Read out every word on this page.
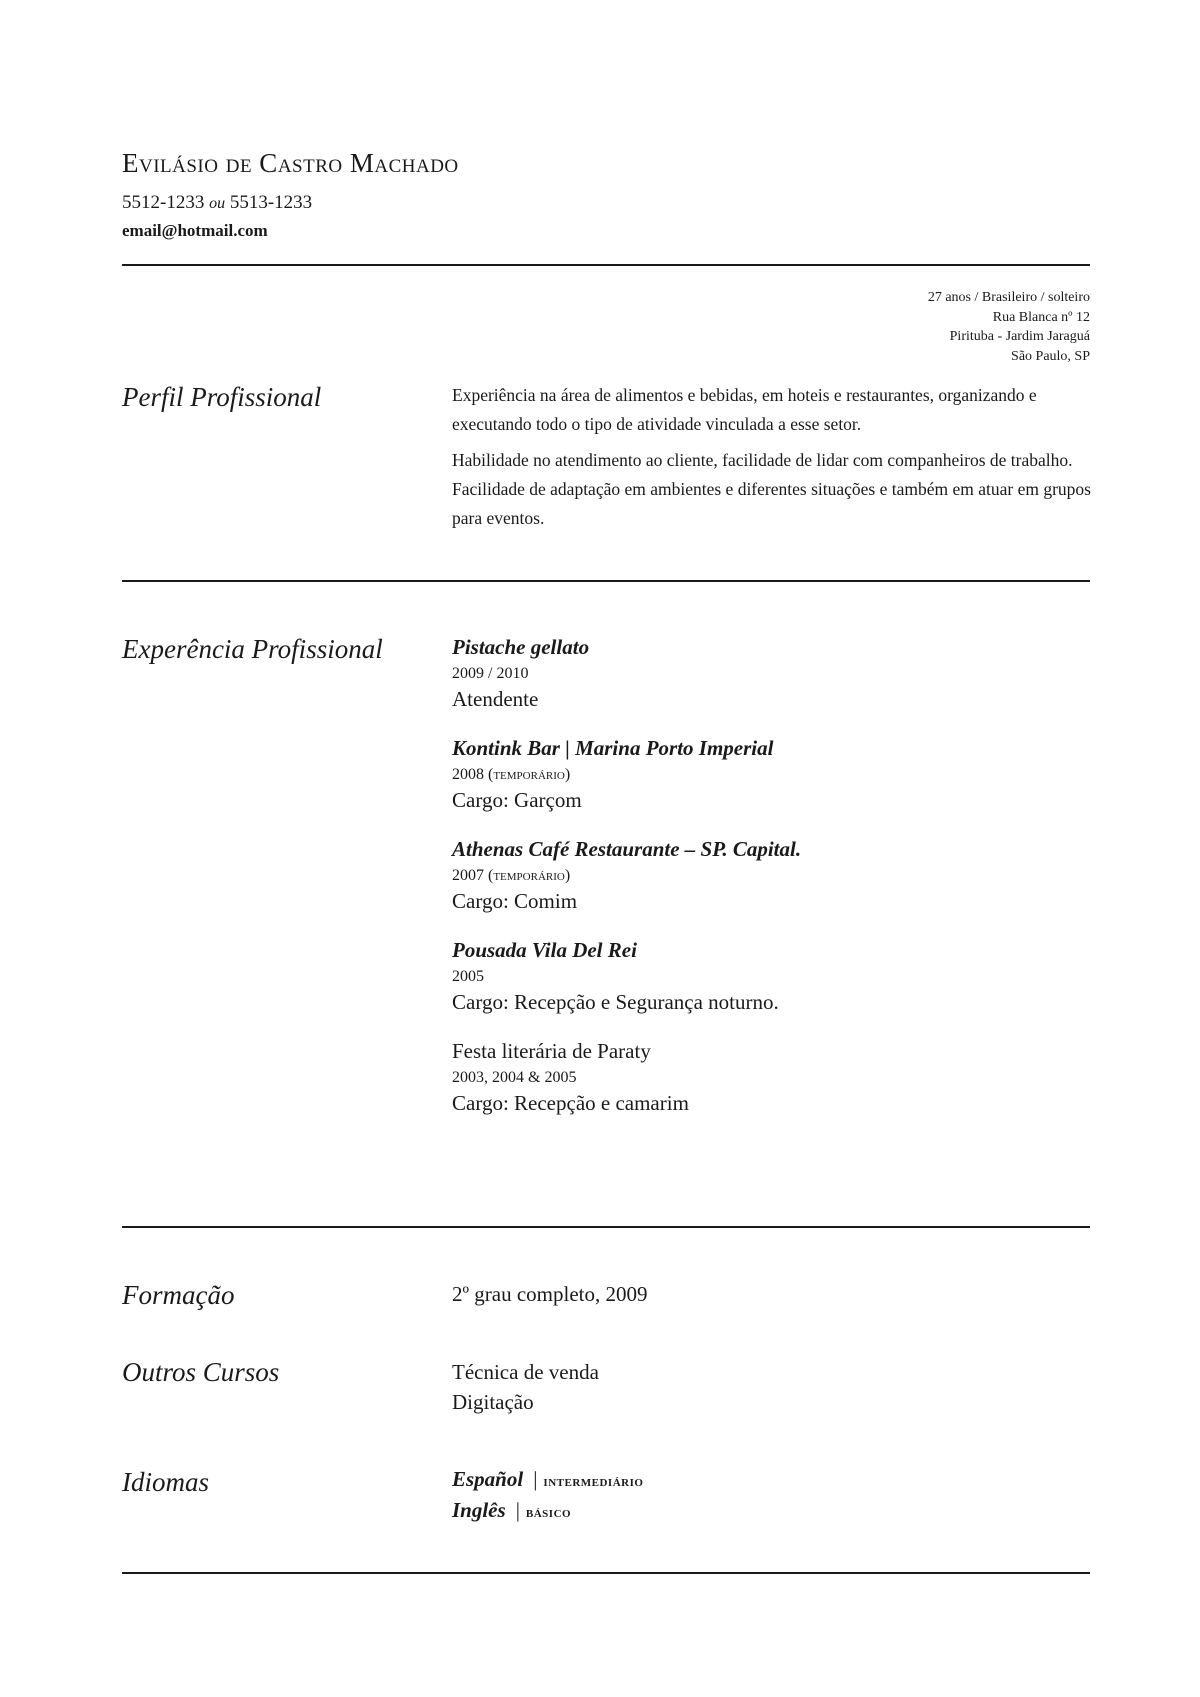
Evilásio de Castro Machado
5512-1233 ou 5513-1233
email@hotmail.com
27 anos / Brasileiro / solteiro
Rua Blanca nº 12
Pirituba - Jardim Jaraguá
São Paulo, SP
Perfil Profissional	Experiência na área de alimentos e bebidas, em hoteis e restaurantes, organizando e executando todo o tipo de atividade vinculada a esse setor.

Habilidade no atendimento ao cliente, facilidade de lidar com companheiros de trabalho. Facilidade de adaptação em ambientes e diferentes situações e também em atuar em grupos para eventos.

Experência Profissional	Pistache gellato
2009 / 2010
Atendente
Kontink Bar | Marina Porto Imperial
2008 (temporário)
Cargo: Garçom
Athenas Café Restaurante – SP. Capital.
2007 (temporário)
Cargo: Comim
Pousada Vila Del Rei
2005
Cargo: Recepção e Segurança noturno.
Festa literária de Paraty
2003, 2004 & 2005
Cargo: Recepção e camarim
Formação	2º grau completo, 2009
Outros Cursos	Técnica de venda
Digitação
Idiomas	Español | intermediário
Inglês | básico
